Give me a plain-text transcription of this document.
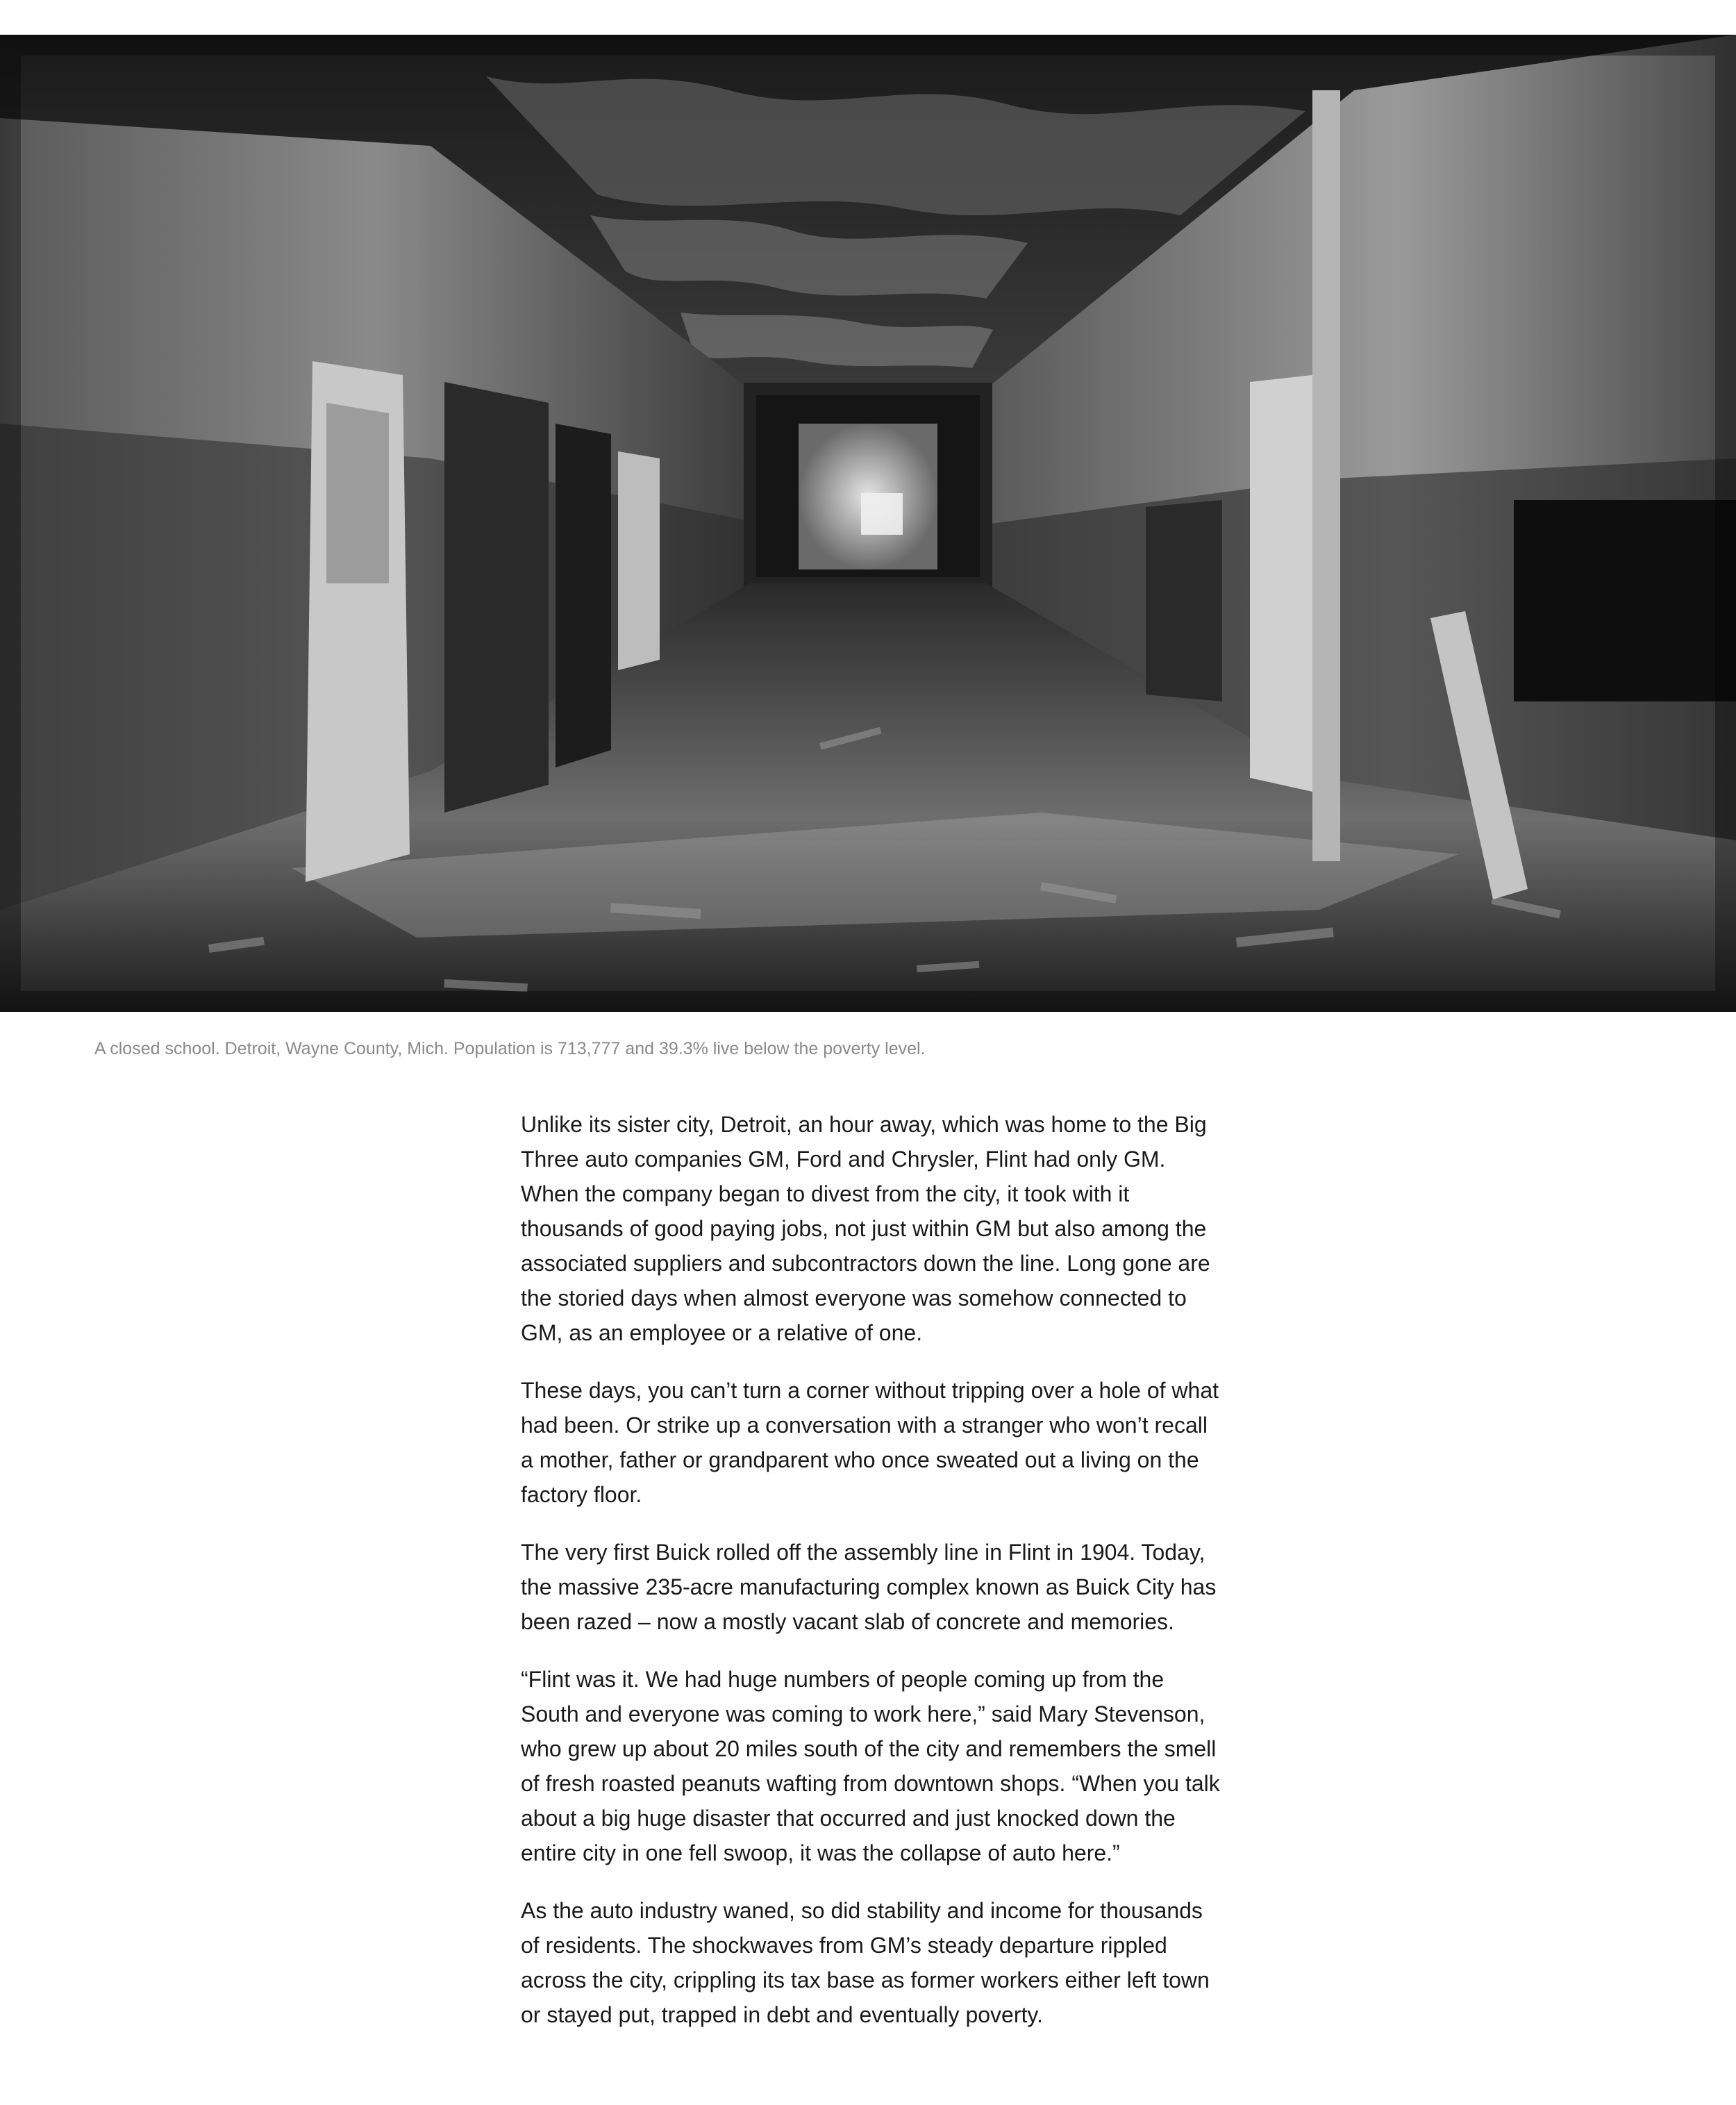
A closed school. Detroit, Wayne County, Mich. Population is 713,777 and 39.3% live below the poverty level.

Unlike its sister city, Detroit, an hour away, which was home to the Big Three auto companies GM, Ford and Chrysler, Flint had only GM. When the company began to divest from the city, it took with it thousands of good paying jobs, not just within GM but also among the associated suppliers and subcontractors down the line. Long gone are the storied days when almost everyone was somehow connected to GM, as an employee or a relative of one.

These days, you can’t turn a corner without tripping over a hole of what had been. Or strike up a conversation with a stranger who won’t recall a mother, father or grandparent who once sweated out a living on the factory floor.

The very first Buick rolled off the assembly line in Flint in 1904. Today, the massive 235-acre manufacturing complex known as Buick City has been razed – now a mostly vacant slab of concrete and memories.

“Flint was it. We had huge numbers of people coming up from the South and everyone was coming to work here,” said Mary Stevenson, who grew up about 20 miles south of the city and remembers the smell of fresh roasted peanuts wafting from downtown shops. “When you talk about a big huge disaster that occurred and just knocked down the entire city in one fell swoop, it was the collapse of auto here.”

As the auto industry waned, so did stability and income for thousands of residents. The shockwaves from GM’s steady departure rippled across the city, crippling its tax base as former workers either left town or stayed put, trapped in debt and eventually poverty.
